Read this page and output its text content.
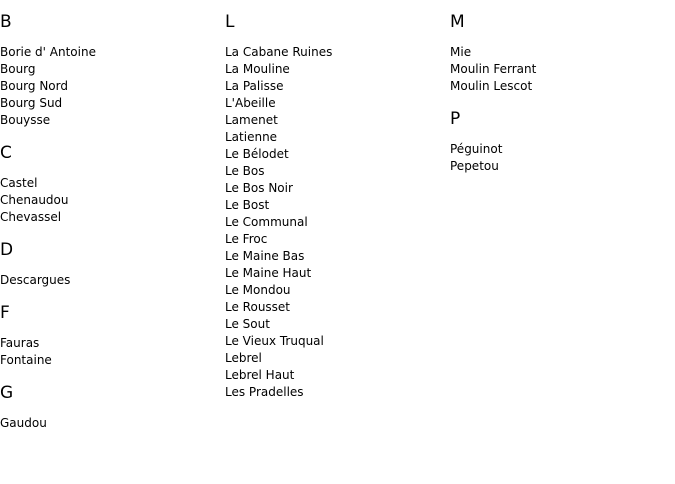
B
Borie d' Antoine
Bourg
Bourg Nord
Bourg Sud
Bouysse
C
Castel
Chenaudou
Chevassel
D
Descargues
F
Fauras
Fontaine
G
Gaudou
L
La Cabane Ruines
La Mouline
La Palisse
L'Abeille
Lamenet
Latienne
Le Bélodet
Le Bos
Le Bos Noir
Le Bost
Le Communal
Le Froc
Le Maine Bas
Le Maine Haut
Le Mondou
Le Rousset
Le Sout
Le Vieux Truqual
Lebrel
Lebrel Haut
Les Pradelles
M
Mie
Moulin Ferrant
Moulin Lescot
P
Péguinot
Pepetou
